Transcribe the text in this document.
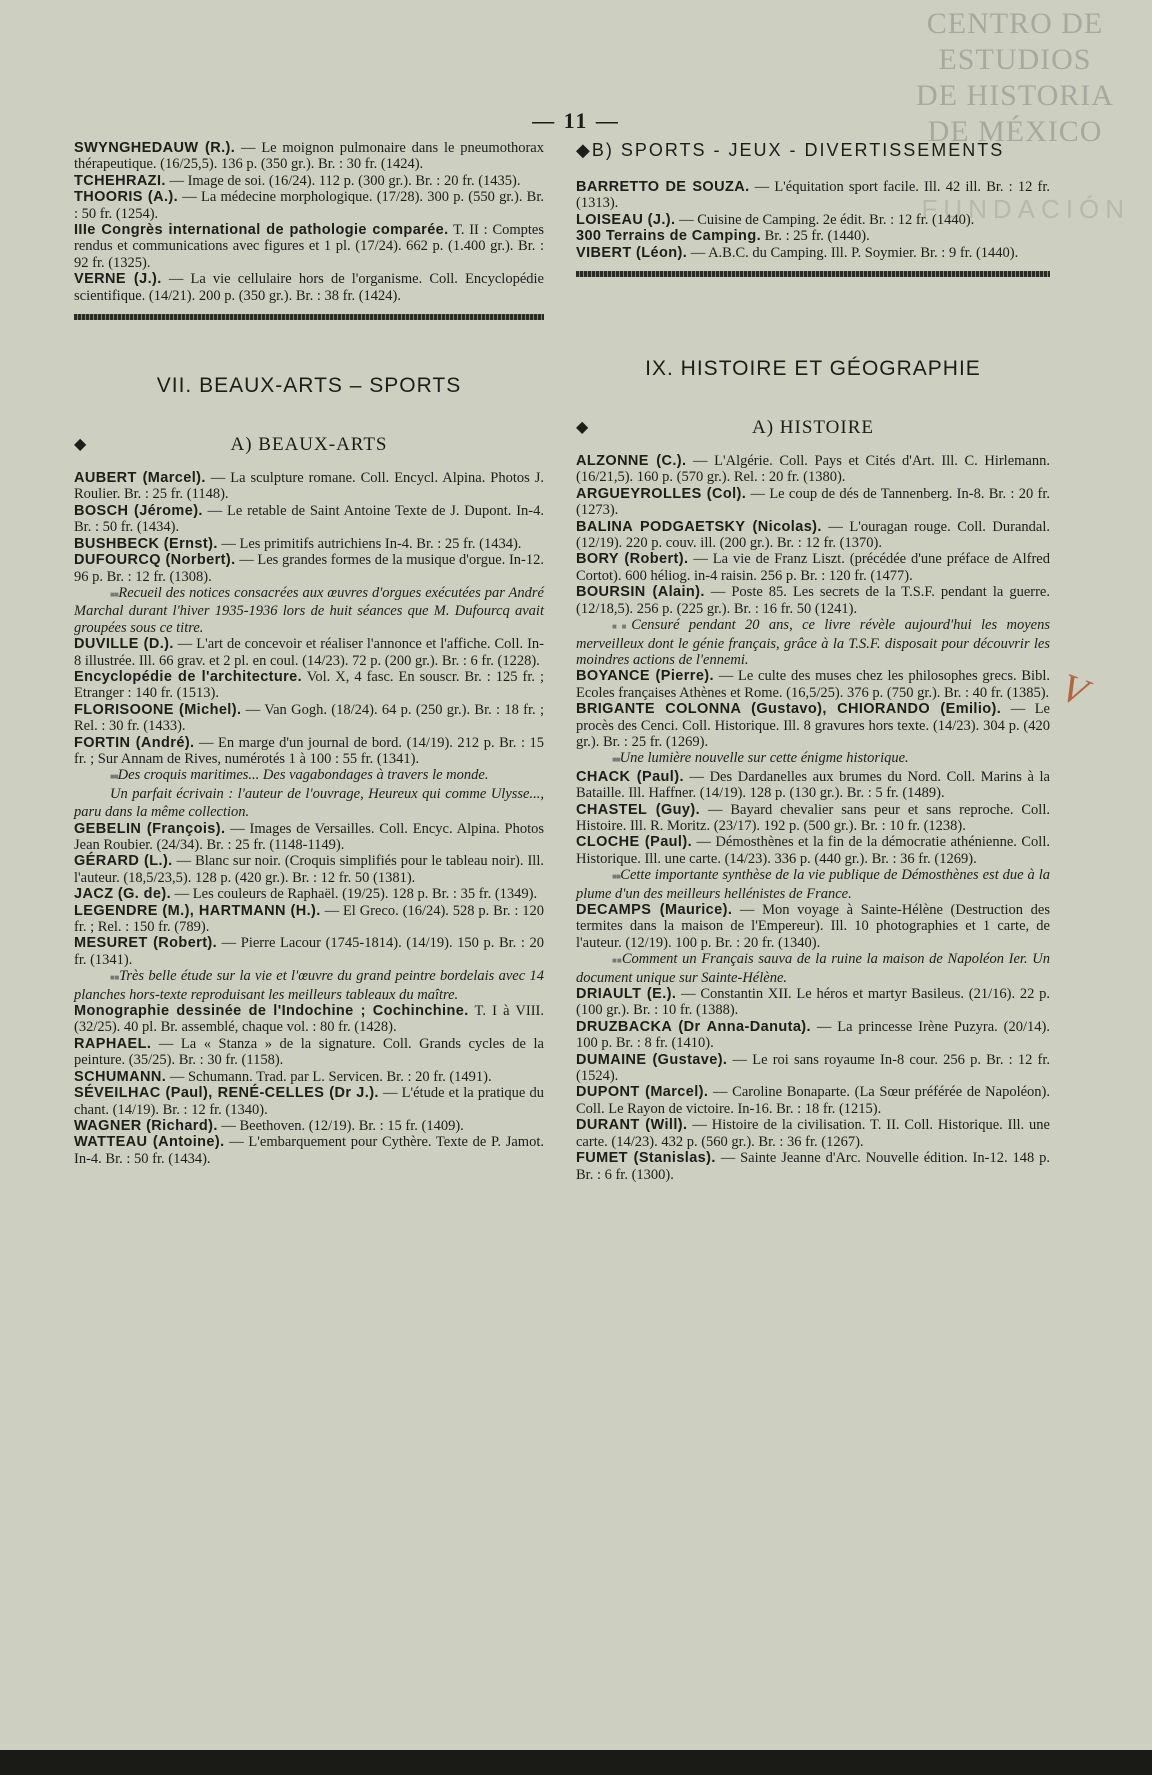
CENTRO DE
ESTUDIOS
DE HISTORIA
DE MÉXICO
FUNDACIÓN
— 11 —

SWYNGHEDAUW (R.). — Le moignon pulmonaire dans le pneumothorax thérapeutique. (16/25,5). 136 p. (350 gr.). Br. : 30 fr. (1424).

TCHEHRAZI. — Image de soi. (16/24). 112 p. (300 gr.). Br. : 20 fr. (1435).

THOORIS (A.). — La médecine morphologique. (17/28). 300 p. (550 gr.). Br. : 50 fr. (1254).

IIIe Congrès international de pathologie comparée. T. II : Comptes rendus et communications avec figures et 1 pl. (17/24). 662 p. (1.400 gr.). Br. : 92 fr. (1325).

VERNE (J.). — La vie cellulaire hors de l'organisme. Coll. Encyclopédie scientifique. (14/21). 200 p. (350 gr.). Br. : 38 fr. (1424).

VII. BEAUX-ARTS – SPORTS

◆	A) BEAUX-ARTS

AUBERT (Marcel). — La sculpture romane. Coll. Encycl. Alpina. Photos J. Roulier. Br. : 25 fr. (1148).

BOSCH (Jérome). — Le retable de Saint Antoine Texte de J. Dupont. In-4. Br. : 50 fr. (1434).

BUSHBECK (Ernst). — Les primitifs autrichiens In-4. Br. : 25 fr. (1434).

DUFOURCQ (Norbert). — Les grandes formes de la musique d'orgue. In-12. 96 p. Br. : 12 fr. (1308).

■■ Recueil des notices consacrées aux œuvres d'orgues exécutées par André Marchal durant l'hiver 1935-1936 lors de huit séances que M. Dufourcq avait groupées sous ce titre.

DUVILLE (D.). — L'art de concevoir et réaliser l'annonce et l'affiche. Coll. In-8 illustrée. Ill. 66 grav. et 2 pl. en coul. (14/23). 72 p. (200 gr.). Br. : 6 fr. (1228).

Encyclopédie de l'architecture. Vol. X, 4 fasc. En souscr. Br. : 125 fr. ; Etranger : 140 fr. (1513).

FLORISOONE (Michel). — Van Gogh. (18/24). 64 p. (250 gr.). Br. : 18 fr. ; Rel. : 30 fr. (1433).

FORTIN (André). — En marge d'un journal de bord. (14/19). 212 p. Br. : 15 fr. ; Sur Annam de Rives, numérotés 1 à 100 : 55 fr. (1341).

■■ Des croquis maritimes... Des vagabondages à travers le monde.

Un parfait écrivain : l'auteur de l'ouvrage, Heureux qui comme Ulysse..., paru dans la même collection.

GEBELIN (François). — Images de Versailles. Coll. Encyc. Alpina. Photos Jean Roubier. (24/34). Br. : 25 fr. (1148-1149).

GÉRARD (L.). — Blanc sur noir. (Croquis simplifiés pour le tableau noir). Ill. l'auteur. (18,5/23,5). 128 p. (420 gr.). Br. : 12 fr. 50 (1381).

JACZ (G. de). — Les couleurs de Raphaël. (19/25). 128 p. Br. : 35 fr. (1349).

LEGENDRE (M.), HARTMANN (H.). — El Greco. (16/24). 528 p. Br. : 120 fr. ; Rel. : 150 fr. (789).

MESURET (Robert). — Pierre Lacour (1745-1814). (14/19). 150 p. Br. : 20 fr. (1341).

■■ Très belle étude sur la vie et l'œuvre du grand peintre bordelais avec 14 planches hors-texte reproduisant les meilleurs tableaux du maître.

Monographie dessinée de l'Indochine ; Cochinchine. T. I à VIII. (32/25). 40 pl. Br. assemblé, chaque vol. : 80 fr. (1428).

RAPHAEL. — La « Stanza » de la signature. Coll. Grands cycles de la peinture. (35/25). Br. : 30 fr. (1158).

SCHUMANN. — Schumann. Trad. par L. Servicen. Br. : 20 fr. (1491).

SÉVEILHAC (Paul), RENÉ-CELLES (Dr J.). — L'étude et la pratique du chant. (14/19). Br. : 12 fr. (1340).

WAGNER (Richard). — Beethoven. (12/19). Br. : 15 fr. (1409).

WATTEAU (Antoine). — L'embarquement pour Cythère. Texte de P. Jamot. In-4. Br. : 50 fr. (1434).

◆B) SPORTS - JEUX - DIVERTISSEMENTS

BARRETTO DE SOUZA. — L'équitation sport facile. Ill. 42 ill. Br. : 12 fr. (1313).

LOISEAU (J.). — Cuisine de Camping. 2e édit. Br. : 12 fr. (1440).

300 Terrains de Camping. Br. : 25 fr. (1440).

VIBERT (Léon). — A.B.C. du Camping. Ill. P. Soymier. Br. : 9 fr. (1440).

IX. HISTOIRE ET GÉOGRAPHIE

◆	A) HISTOIRE

ALZONNE (C.). — L'Algérie. Coll. Pays et Cités d'Art. Ill. C. Hirlemann. (16/21,5). 160 p. (570 gr.). Rel. : 20 fr. (1380).

ARGUEYROLLES (Col). — Le coup de dés de Tannenberg. In-8. Br. : 20 fr. (1273).

BALINA PODGAETSKY (Nicolas). — L'ouragan rouge. Coll. Durandal. (12/19). 220 p. couv. ill. (200 gr.). Br. : 12 fr. (1370).

BORY (Robert). — La vie de Franz Liszt. (précédée d'une préface de Alfred Cortot). 600 héliog. in-4 raisin. 256 p. Br. : 120 fr. (1477).

BOURSIN (Alain). — Poste 85. Les secrets de la T.S.F. pendant la guerre. (12/18,5). 256 p. (225 gr.). Br. : 16 fr. 50 (1241).

■■ Censuré pendant 20 ans, ce livre révèle aujourd'hui les moyens merveilleux dont le génie français, grâce à la T.S.F. disposait pour découvrir les moindres actions de l'ennemi.

BOYANCE (Pierre). — Le culte des muses chez les philosophes grecs. Bibl. Ecoles françaises Athènes et Rome. (16,5/25). 376 p. (750 gr.). Br. : 40 fr. (1385).

BRIGANTE COLONNA (Gustavo), CHIORANDO (Emilio). — Le procès des Cenci. Coll. Historique. Ill. 8 gravures hors texte. (14/23). 304 p. (420 gr.). Br. : 25 fr. (1269).

■■ Une lumière nouvelle sur cette énigme historique.

CHACK (Paul). — Des Dardanelles aux brumes du Nord. Coll. Marins à la Bataille. Ill. Haffner. (14/19). 128 p. (130 gr.). Br. : 5 fr. (1489).

CHASTEL (Guy). — Bayard chevalier sans peur et sans reproche. Coll. Histoire. Ill. R. Moritz. (23/17). 192 p. (500 gr.). Br. : 10 fr. (1238).

CLOCHE (Paul). — Démosthènes et la fin de la démocratie athénienne. Coll. Historique. Ill. une carte. (14/23). 336 p. (440 gr.). Br. : 36 fr. (1269).

■■ Cette importante synthèse de la vie publique de Démosthènes est due à la plume d'un des meilleurs hellénistes de France.

DECAMPS (Maurice). — Mon voyage à Sainte-Hélène (Destruction des termites dans la maison de l'Empereur). Ill. 10 photographies et 1 carte, de l'auteur. (12/19). 100 p. Br. : 20 fr. (1340).

■■ Comment un Français sauva de la ruine la maison de Napoléon Ier. Un document unique sur Sainte-Hélène.

DRIAULT (E.). — Constantin XII. Le héros et martyr Basileus. (21/16). 22 p. (100 gr.). Br. : 10 fr. (1388).

DRUZBACKA (Dr Anna-Danuta). — La princesse Irène Puzyra. (20/14). 100 p. Br. : 8 fr. (1410).

DUMAINE (Gustave). — Le roi sans royaume In-8 cour. 256 p. Br. : 12 fr. (1524).

DUPONT (Marcel). — Caroline Bonaparte. (La Sœur préférée de Napoléon). Coll. Le Rayon de victoire. In-16. Br. : 18 fr. (1215).

DURANT (Will). — Histoire de la civilisation. T. II. Coll. Historique. Ill. une carte. (14/23). 432 p. (560 gr.). Br. : 36 fr. (1267).

FUMET (Stanislas). — Sainte Jeanne d'Arc. Nouvelle édition. In-12. 148 p. Br. : 6 fr. (1300).

V
